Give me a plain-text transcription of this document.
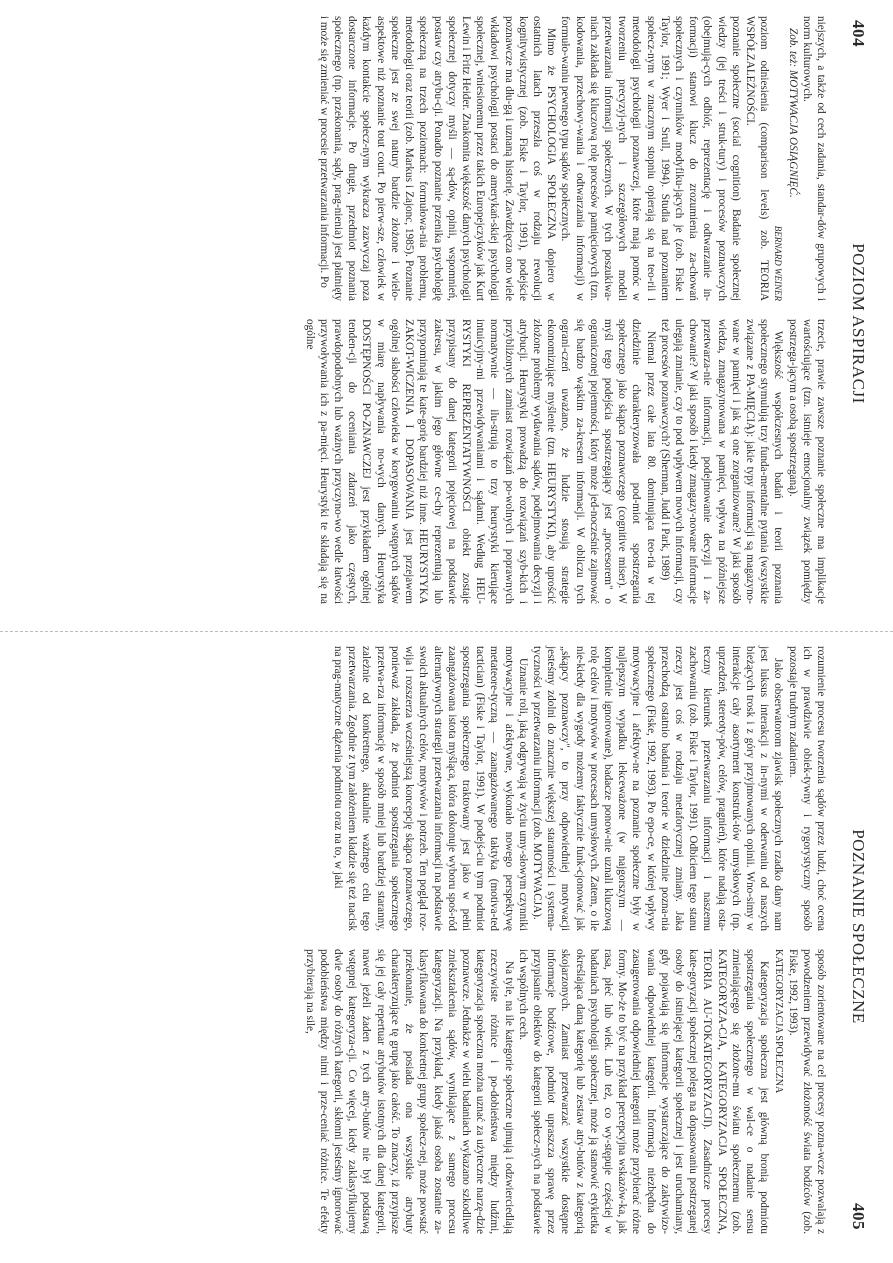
404
POZIOM ASPIRACJI

niejszych, a także od cech zadania, standar-dów grupowych i norm kulturowych.

Zob. też: MOTYWACJA OSIĄGNIĘĆ.

BERNARD WEINER

poziom odniesienia (comparison levels) zob. TEORIA WSPÓŁZALEŻNOŚCI.

poznanie społeczne (social cognition) Badanie społecznej wiedzy (jej treści i struk-tury) i procesów poznawczych (obejmują-cych odbiór, reprezentację i odtwarzanie in-formacji) stanowi klucz do zrozumienia za-chowań społecznych i czynników modyfiku-jących je (zob. Fiske i Taylor, 1991; Wyer i Srull, 1994). Studia nad poznaniem społecz-nym w znacznym stopniu opierają się na teo-rii i metodologii psychologii poznawczej, które mają pomóc w tworzeniu precyzyj-nych i szczegółowych modeli przetwarzania informacji społecznych. W tych poszukiwa-niach zakłada się kluczową rolę procesów pamięciowych (tzn. kodowania, przechowy-wania i odtwarzania informacji) w formuło-waniu pewnego typu sądów społecznych.

Mimo że PSYCHOLOGIA SPOŁECZNA dopiero w ostatnich latach przeszła coś w rodzaju rewolucji kognitywistycznej (zob. Fiske i Taylor, 1991), podejście poznawcze ma dłu-gą i uznaną historię. Zawdzięcza ono wiele wkładowi psychologii postaci do amerykań-skiej psychologii społecznej, wniesionemu przez takich Europejczyków jak Kurt Lewin i Fritz Heider. Znakomita większość danych psychologii społecznej dotyczy myśli — są-dów, opinii, wspomnień, postaw czy atrybu-cji. Ponadto poznanie przenika psychologię społeczną na trzech poziomach: formułowa-nia problemu, metodologii oraz teorii (zob. Markus i Zajonc, 1985). Poznanie społeczne jest ze swej natury bardzie złożone i wielo-aspektowe niż poznanie tout court. Po pierw-sze, człowiek w każdym kontakcie społecz-nym wykracza zazwyczaj poza dostarczone informacje. Po drugie, przedmiot poznania społecznego (np. przekonania, sądy, prag-nienia) jest płatnięty i może się zmieniać w procesie przetwarzania informacji. Po

trzecie, prawie zawsze poznanie społeczne ma implikacje wartościujące (tzn. istnieje emocjonalny związek pomiędzy postrzega-jącym a osobą spostrzeganą).

Większość współczesnych badań i teorii poznania społecznego stymulują trzy funda-mentalne pytania (wszystkie związane z PA-MIĘCIĄ): jakie typy informacji są magazyno-wane w pamięci i jak są one zorganizowane? W jaki sposób wiedza, zmagazynowana w pamięci, wpływa na późniejsze przetwarza-nie informacji, podejmowanie decyzji i za-chowanie? W jaki sposób i kiedy zmagazy-nowane informacje ulegają zmianie, czy to pod wpływem nowych informacji, czy też procesów poznawczych? (Sherman, Judd i Park, 1989)

Niemal przez całe lata 80. dominująca teo-ria w tej dziedzinie charakteryzowała pod-miot spostrzegania społecznego jako skąpca poznawczego (cognitive miser). W myśl tego podejścia spostrzegający jest „procesorem" o ograniczonej pojemności, który może jed-nocześnie zajmować się bardzo wąskim za-kresem informacji. W obliczu tych ograni-czeń uważano, że ludzie stosują strategie ekonomizujące myślenie (tzn. HEURYSTYKI), aby uprościć złożone problemy wydawania sądów, podejmowania decyzji i atrybucji. Heurystyki prowadzą do rozwiązań szyb-kich i przybliżonych zamiast rozwiązań po-wolnych i poprawnych normatywnie — ilu-strują to trzy heurystyki kierujące intuicyjny-mi przewidywaniami i sądami. Według HEU-RYSTYKI REPREZENTATYWNOŚCI obiekt zostaje przypisany do danej kategorii pojęciowej na podstawie zakresu, w jakim jego główne ce-chy reprezentują lub przypominają te kate-gorię bardziej niż inne. HEURYSTYKA ZAKOT-WICZENIA I DOPASOWANIA jest przejawem ogólnej słabości człowieka w korygowaniu wstępnych sądów w miarę napływania no-wych danych. Heurystyka DOSTĘPNOŚCI PO-ZNAWCZEJ jest przykładem ogólnej tenden-cji do oceniania zdarzeń jako częstych, prawdopodobnych lub ważnych przyczyno-wo wedle łatwości przywoływania ich z pa-mięci. Heurystyki te składają się na ogólne

POZNANIE SPOŁECZNE
405

rozumienie procesu tworzenia sądów przez ludzi, choć ocena ich w prawdziwie obiek-tywny i rygorystyczny sposób pozostaje trudnym zadaniem.

Jako obserwatorom zjawisk społecznych rzadko dany nam jest luksus interakcji z in-nymi w oderwaniu od naszych bieżących trosk i z góry przyjmowanych opinii. Wno-simy w interakcje cały asortyment konstruk-tów umysłowych (np. uprzedzeń, stereoty-pów, celów, pragnień), które nadają osta-teczny kierunek przetwarzaniu informacji i naszemu zachowaniu (zob. Fiske i Taylor, 1991). Odbiciem tego stanu rzeczy jest coś w rodzaju metaforycznej zmiany. Jaka przechodzą ostatnio badania i teorie w dziedzinie pozna-nia społecznego (Fiske, 1992, 1993). Po epo-ce, w której wpływy motywacyjne i afektyw-ne na poznanie społeczne były w najlepszym wypadku lekceważone (w najgorszym — kompletnie ignorowane), badacze ponow-nie uznali kluczową rolę celów i motywów w procesach umysłowych. Zatem, o ile nie-kiedy dla wygody możemy faktycznie funk-cjonować jak „skąpcy poznawczy", to przy odpowiedniej motywacji jesteśmy zdolni do znacznie większej staranności i systema-tyczności w przetwarzaniu informacji (zob. MOTYWACJA).

Uznanie roli, jaką odgrywają w życiu umy-słowym czynniki motywacyjne i afektywne, wykonało nowego perspektywę metateore-tyczną — zaangażowanego taktyka (motiva-ted tactician) (Fiske i Taylor, 1991). W podejś-ciu tym podmiot spostrzegania społecznego traktowany jest jako w pełni zaangażowana istota myśląca, która dokonuje wyboru spoś-ród alternatywnych strategii przetwarzania informacji na podstawie swoich aktualnych celów, motywów i potrzeb. Ten pogląd roz-wija i rozszerza wcześniejszą koncepcję skąpca poznawczego, ponieważ zakłada, że podmiot spostrzegania społecznego przetwa-rza informację w sposób mniej lub bardziej staranny, zależnie od konkretnego, aktualnie ważnego celu tego przetwarzania. Zgodnie z tym założeniem kładzie się też nacisk na prag-matyczne dążenia podmiotu oraz na to, w jaki

sposób zorientowane na cel procesy pozna-wcze pozwalają z powodzeniem przewidywać złożoność świata bodźców (zob. Fiske, 1992, 1993).

KATEGORYZACJA SPOŁECZNA

Kategoryzacja społeczna jest główną bronią podmiotu spostrzegania społecznego w wal-ce o nadanie sensu zmieniającego się złożone-mu światu społecznemu (zob. KATEGORYZA-CJA, KATEGORYZACJA SPOŁECZNA, TEORIA AU-TOKATEGORYZACJI). Zasadnicze procesy kate-goryzacji społecznej polega na dopasowaniu postrzeganej osoby do istniejącej kategorii społecznej i jest uruchamiany, gdy pojawiają się informacje wystarczające do zaktywizo-wania odpowiedniej kategorii. Informacja niezbędna do zasugerowania odpowiedniej kategorii może przybierać różne formy. Mo-że to być na przykład percepcyjna wskazów-ka, jak rasa, płeć lub wiek. Lub też, co wy-stępuje częściej w badaniach psychologii społecznej, może ją stanowić etykietka określająca daną kategorię lub zestaw atry-butów z kategorią skojarzonych. Zamiast przetwarzać wszystkie dostępne informacje bodźcowe, podmiot upraszcza sprawę przez przypisanie obiektów do kategorii społecz-nych na podstawie ich wspólnych cech.

Na tyle, na ile kategorie społeczne ujmują i odzwierciedlają rzeczywiste różnice i po-dobieństwa między ludźmi, kategoryzacja społeczna można uznać za użyteczne narzę-dzie poznawcze. Jednakże w wielu badaniach wykazano szkodliwe zniekształcenia sądów, wynikające z samego procesu kategoryzacji. Na przykład, kiedy jakaś osoba zostanie za-klasyfikowana do konkretnej grupy społecz-nej, może powstać przekonanie, że posiada ona wszystkie atrybuty charakteryzujące tę grupę jako całość. To znaczy, iż przypisze się jej cały repertuar atrybutów istotnych dla danej kategorii, nawet jeżeli żaden z tych atry-butów nie był podstawą wstępnej kategoryza-cji. Co więcej, kiedy zaklasyfikujemy dwie osoby do różnych kategorii, skłonni jesteśmy ignorować podobieństwa między nimi i prze-ceniać różnice. Te efekty przybierają na sile,
